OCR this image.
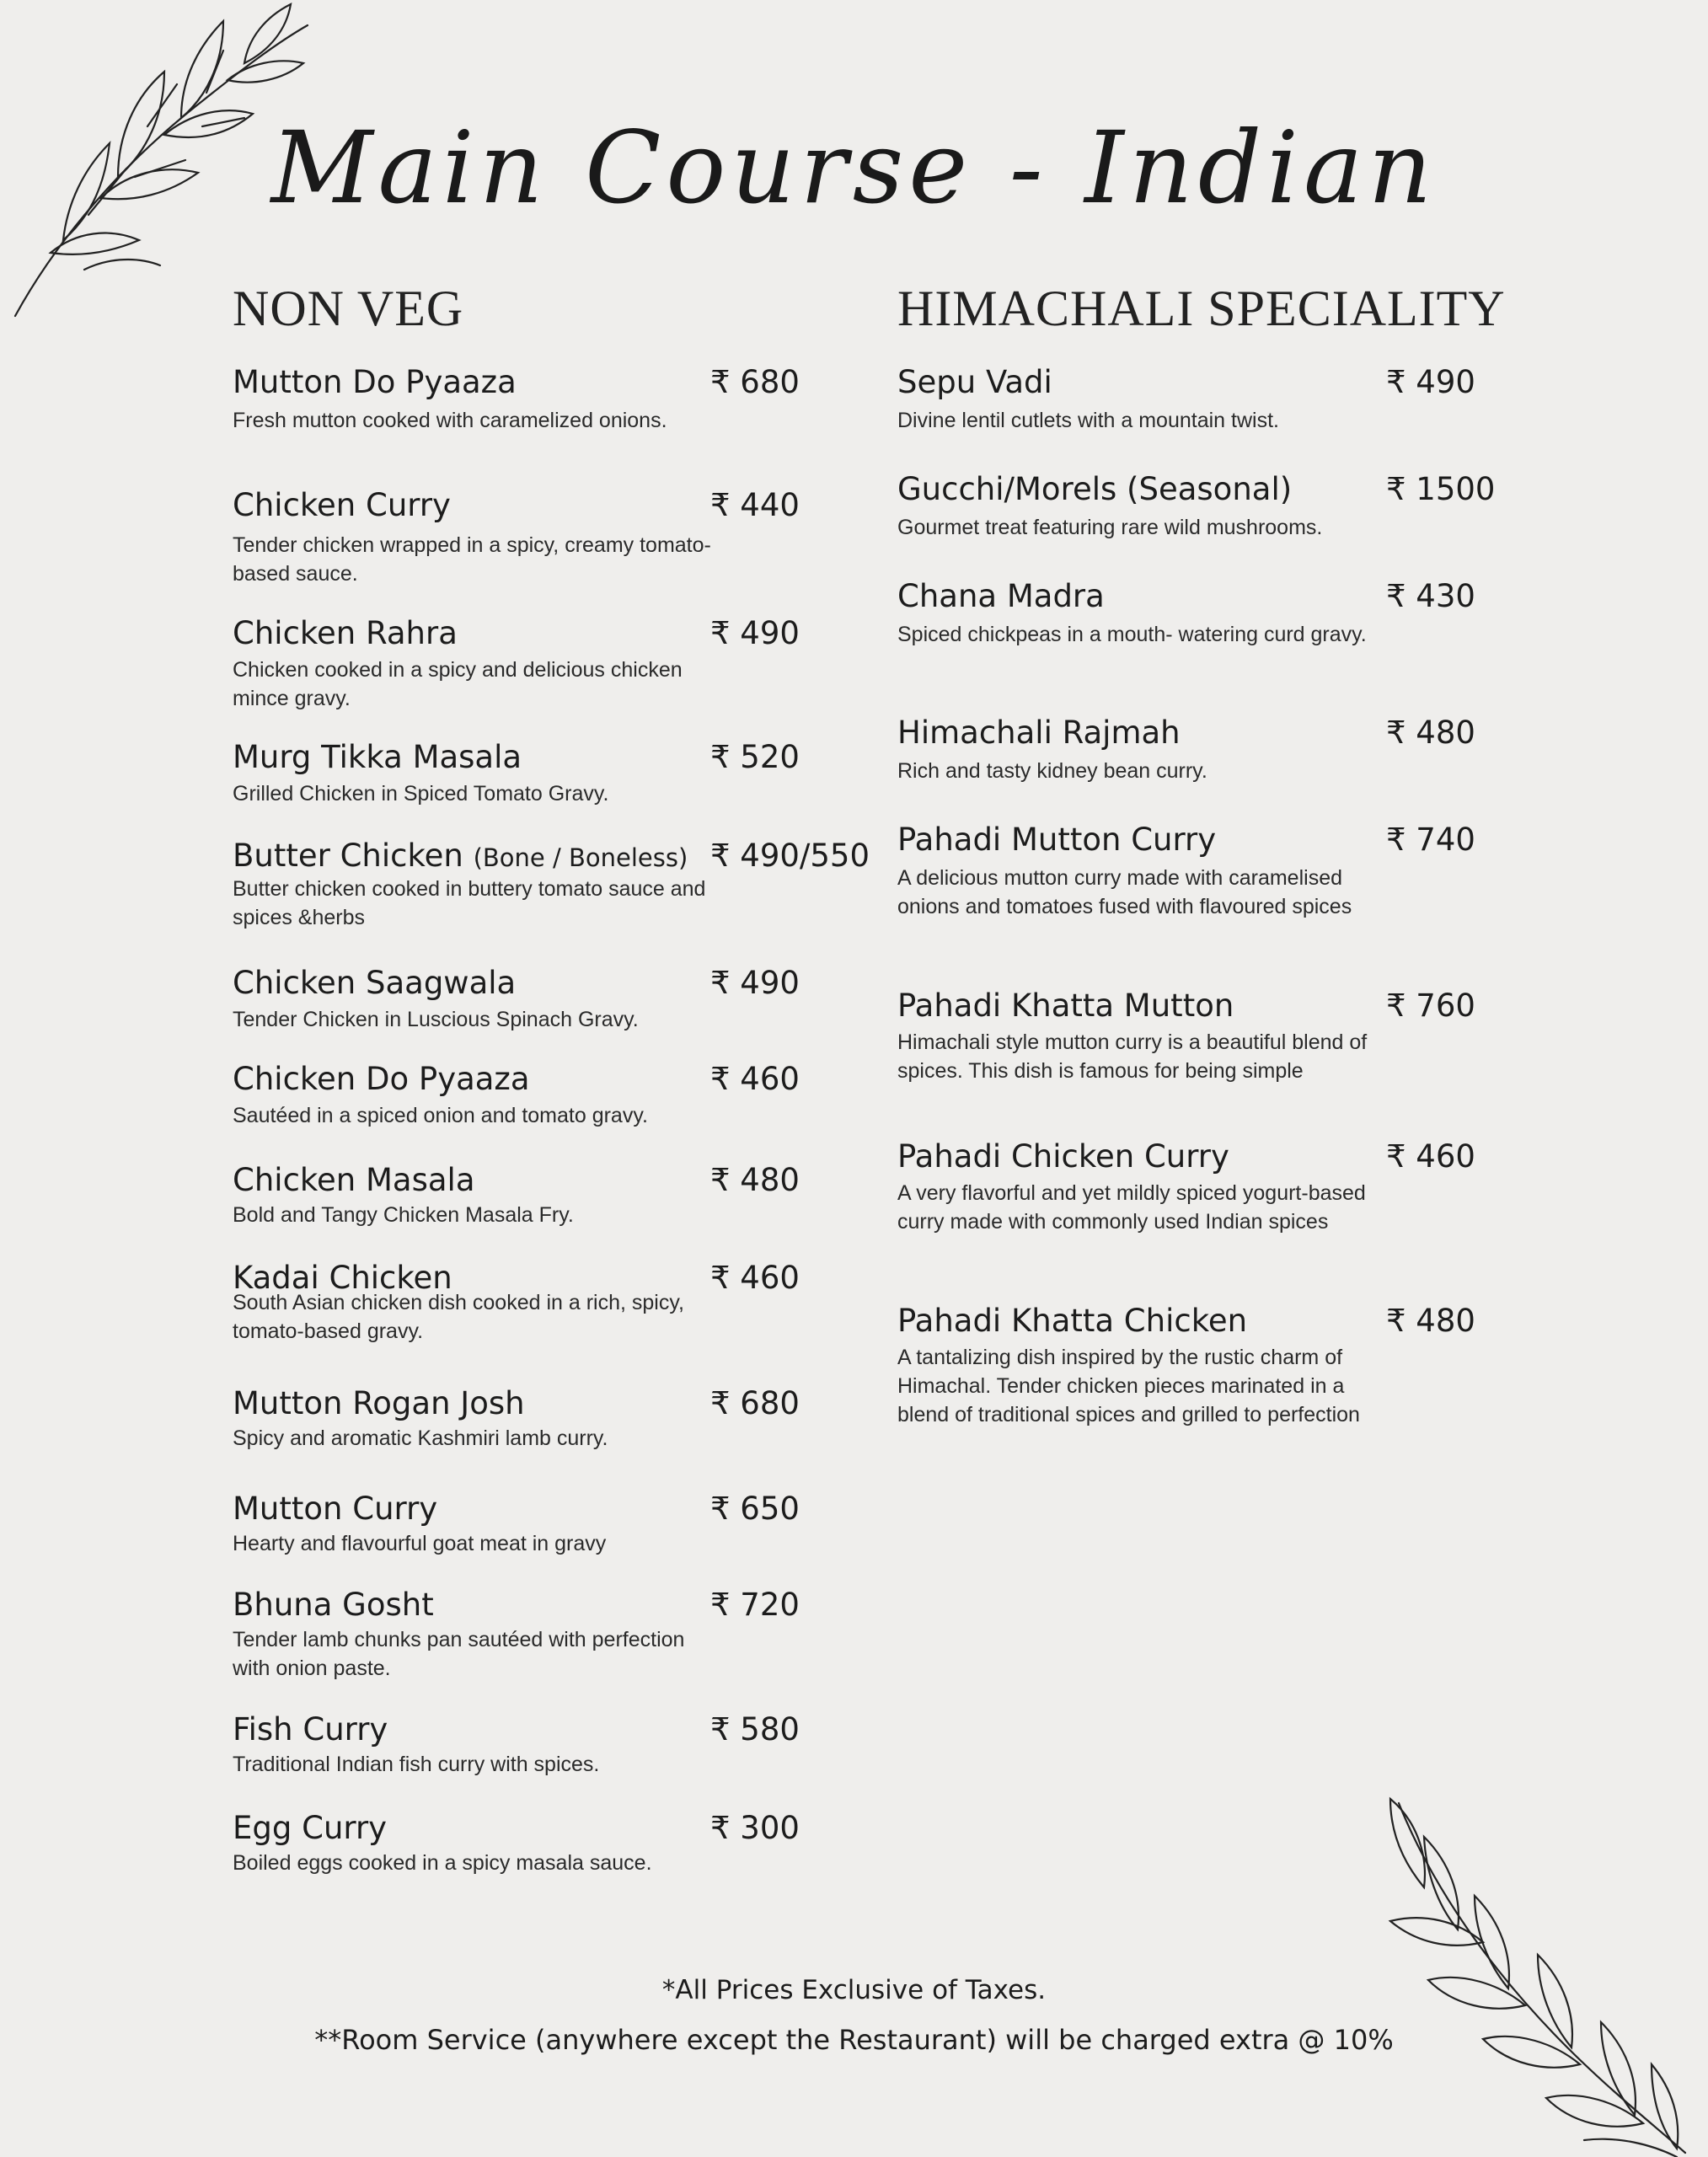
Main Course - Indian
NON VEG	HIMACHALI SPECIALITY
Mutton Do Pyaaza	₹ 680

Fresh mutton cooked with caramelized onions.

Chicken Curry	₹ 440

Tender chicken wrapped in a spicy, creamy tomato-based sauce.

Chicken Rahra	₹ 490

Chicken cooked in a spicy and delicious chicken mince gravy.

Murg Tikka Masala	₹ 520

Grilled Chicken in Spiced Tomato Gravy.

Butter Chicken (Bone / Boneless) ₹ 490/550

Butter chicken cooked in buttery tomato sauce and spices &herbs

Chicken Saagwala	₹ 490

Tender Chicken in Luscious Spinach Gravy.

Chicken Do Pyaaza	₹ 460

Sautéed in a spiced onion and tomato gravy.

Chicken Masala	₹ 480

Bold and Tangy Chicken Masala Fry.

Kadai Chicken	₹ 460

South Asian chicken dish cooked in a rich, spicy, tomato-based gravy.

Mutton Rogan Josh	₹ 680

Spicy and aromatic Kashmiri lamb curry.

Mutton Curry	₹ 650

Hearty and flavourful goat meat in gravy

Bhuna Gosht	₹ 720

Tender lamb chunks pan sautéed with perfection with onion paste.

Fish Curry	₹ 580

Traditional Indian fish curry with spices.

Egg Curry	₹ 300

Boiled eggs cooked in a spicy masala sauce.

Sepu Vadi	₹ 490

Divine lentil cutlets with a mountain twist.

Gucchi/Morels (Seasonal)	₹ 1500

Gourmet treat featuring rare wild mushrooms.

Chana Madra	₹ 430

Spiced chickpeas in a mouth- watering curd gravy.

Himachali Rajmah	₹ 480

Rich and tasty kidney bean curry.

Pahadi Mutton Curry	₹ 740

A delicious mutton curry made with caramelised onions and tomatoes fused with flavoured spices

Pahadi Khatta Mutton	₹ 760

Himachali style mutton curry is a beautiful blend of spices. This dish is famous for being simple

Pahadi Chicken Curry	₹ 460

A very flavorful and yet mildly spiced yogurt-based curry made with commonly used Indian spices

Pahadi Khatta Chicken	₹ 480

A tantalizing dish inspired by the rustic charm of Himachal. Tender chicken pieces marinated in a blend of traditional spices and grilled to perfection

*All Prices Exclusive of Taxes.

**Room Service (anywhere except the Restaurant) will be charged extra @ 10%
